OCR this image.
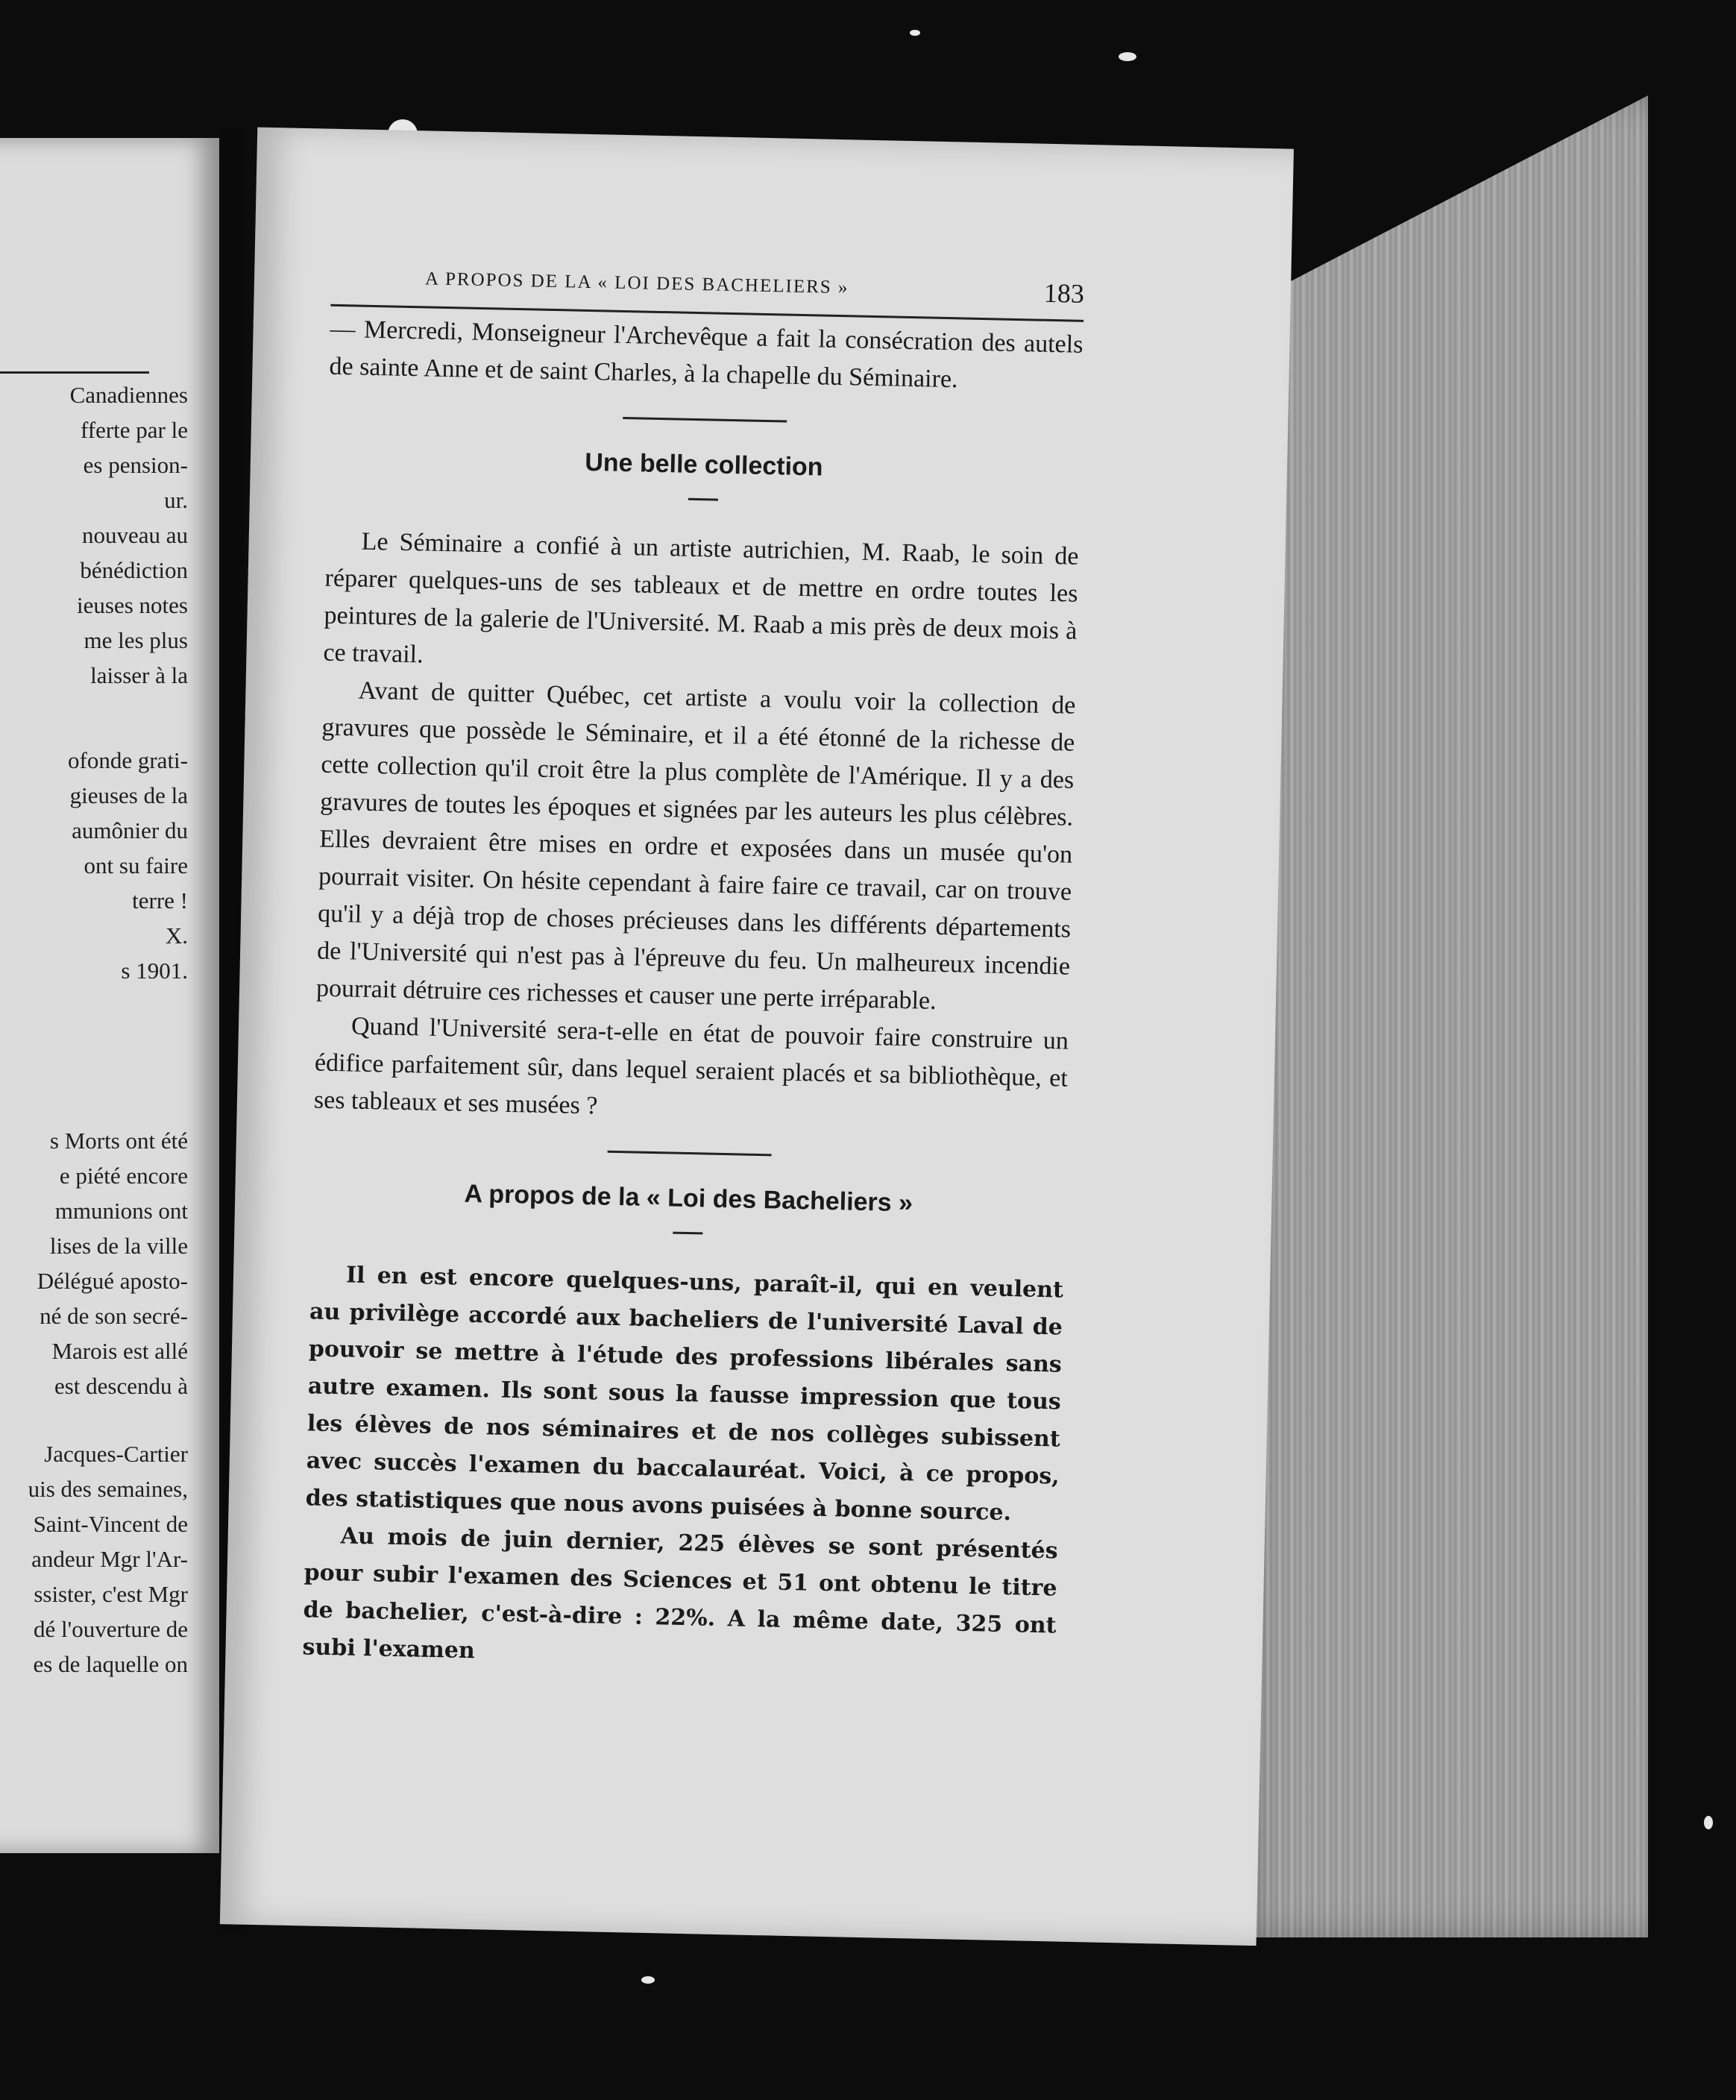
Canadiennes
fferte par le
es pension-
ur.
nouveau au
bénédiction
ieuses notes
me les plus
laisser à la
ofonde grati-
gieuses de la
aumônier du
ont su faire
terre !
X.
s 1901.
s Morts ont été
e piété encore
mmunions ont
lises de la ville
Délégué aposto-
né de son secré-
Marois est allé
est descendu à
Jacques-Cartier
uis des semaines,
Saint-Vincent de
andeur Mgr l'Ar-
ssister, c'est Mgr
dé l'ouverture de
es de laquelle on
A PROPOS DE LA « LOI DES BACHELIERS »	183

— Mercredi, Monseigneur l'Archevêque a fait la consécration des autels de sainte Anne et de saint Charles, à la chapelle du Séminaire.

Une belle collection

Le Séminaire a confié à un artiste autrichien, M. Raab, le soin de réparer quelques-uns de ses tableaux et de mettre en ordre toutes les peintures de la galerie de l'Université. M. Raab a mis près de deux mois à ce travail.

Avant de quitter Québec, cet artiste a voulu voir la collection de gravures que possède le Séminaire, et il a été étonné de la richesse de cette collection qu'il croit être la plus complète de l'Amérique. Il y a des gravures de toutes les époques et signées par les auteurs les plus célèbres. Elles devraient être mises en ordre et exposées dans un musée qu'on pourrait visiter. On hésite cependant à faire faire ce travail, car on trouve qu'il y a déjà trop de choses précieuses dans les différents départements de l'Université qui n'est pas à l'épreuve du feu. Un malheureux incendie pourrait détruire ces richesses et causer une perte irréparable.

Quand l'Université sera-t-elle en état de pouvoir faire construire un édifice parfaitement sûr, dans lequel seraient placés et sa bibliothèque, et ses tableaux et ses musées ?

A propos de la « Loi des Bacheliers »

Il en est encore quelques-uns, paraît-il, qui en veulent au privilège accordé aux bacheliers de l'université Laval de pouvoir se mettre à l'étude des professions libérales sans autre examen. Ils sont sous la fausse impression que tous les élèves de nos séminaires et de nos collèges subissent avec succès l'examen du baccalauréat. Voici, à ce propos, des statistiques que nous avons puisées à bonne source.

Au mois de juin dernier, 225 élèves se sont présentés pour subir l'examen des Sciences et 51 ont obtenu le titre de bachelier, c'est-à-dire : 22%. A la même date, 325 ont subi l'examen
